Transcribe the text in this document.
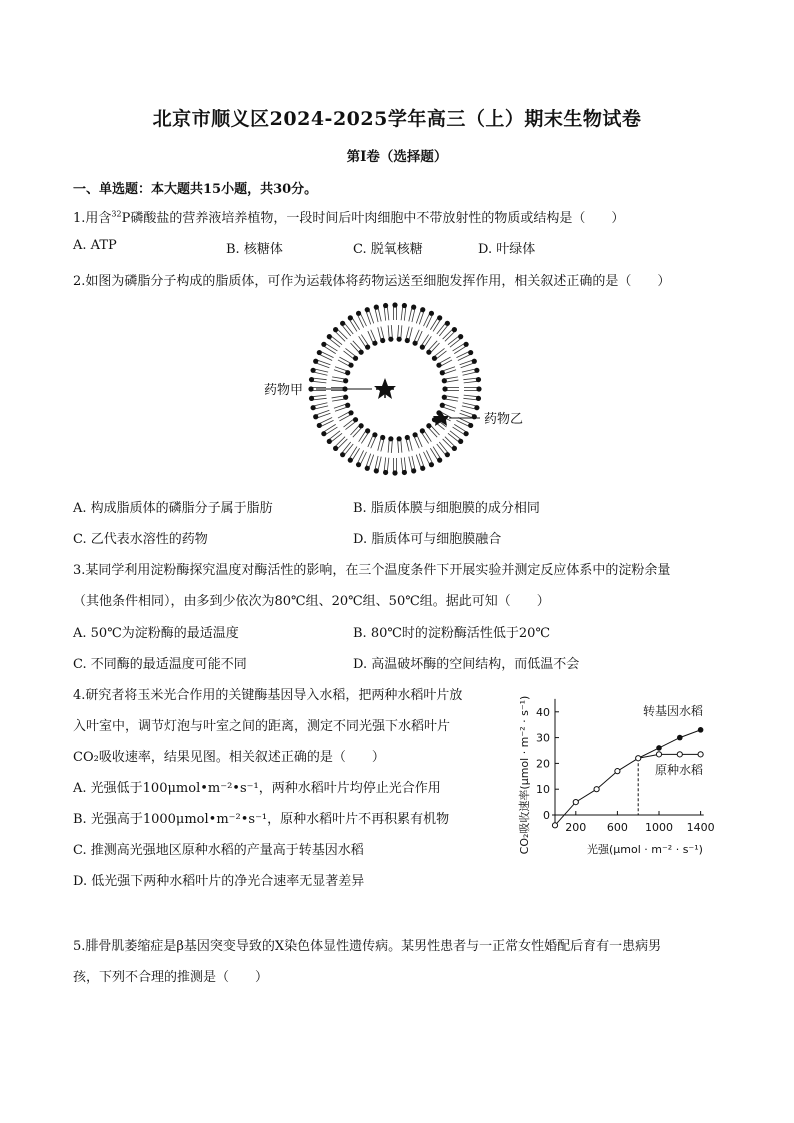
北京市顺义区2024-2025学年高三（上）期末生物试卷
第I卷（选择题）
一、单选题：本大题共15小题，共30分。
1.用含$^{32}$P磷酸盐的营养液培养植物，一段时间后叶肉细胞中不带放射性的物质或结构是（　　）
A. ATP	B. 核糖体	C. 脱氧核糖	D. 叶绿体
2.如图为磷脂分子构成的脂质体，可作为运载体将药物运送至细胞发挥作用，相关叙述正确的是（　　）
药物甲
药物乙
A. 构成脂质体的磷脂分子属于脂肪	B. 脂质体膜与细胞膜的成分相同
C. 乙代表水溶性的药物	D. 脂质体可与细胞膜融合
3.某同学利用淀粉酶探究温度对酶活性的影响，在三个温度条件下开展实验并测定反应体系中的淀粉余量
（其他条件相同），由多到少依次为80℃组、20℃组、50℃组。据此可知（　　）
A. 50℃为淀粉酶的最适温度	B. 80℃时的淀粉酶活性低于20℃
C. 不同酶的最适温度可能不同	D. 高温破坏酶的空间结构，而低温不会
4.研究者将玉米光合作用的关键酶基因导入水稻，把两种水稻叶片放
入叶室中，调节灯泡与叶室之间的距离，测定不同光强下水稻叶片
CO₂吸收速率，结果见图。相关叙述正确的是（　　）
A. 光强低于100μmol•m⁻²•s⁻¹，两种水稻叶片均停止光合作用
B. 光强高于1000μmol•m⁻²•s⁻¹，原种水稻叶片不再积累有机物
C. 推测高光强地区原种水稻的产量高于转基因水稻
D. 低光强下两种水稻叶片的净光合速率无显著差异
0
10
20
30
40
200 600 1000 1400
转基因水稻
原种水稻
光强(μmol · m⁻² · s⁻¹)
CO₂吸收速率(μmol · m⁻² · s⁻¹)
5.腓骨肌萎缩症是β基因突变导致的X染色体显性遗传病。某男性患者与一正常女性婚配后育有一患病男
孩，下列不合理的推测是（　　）
